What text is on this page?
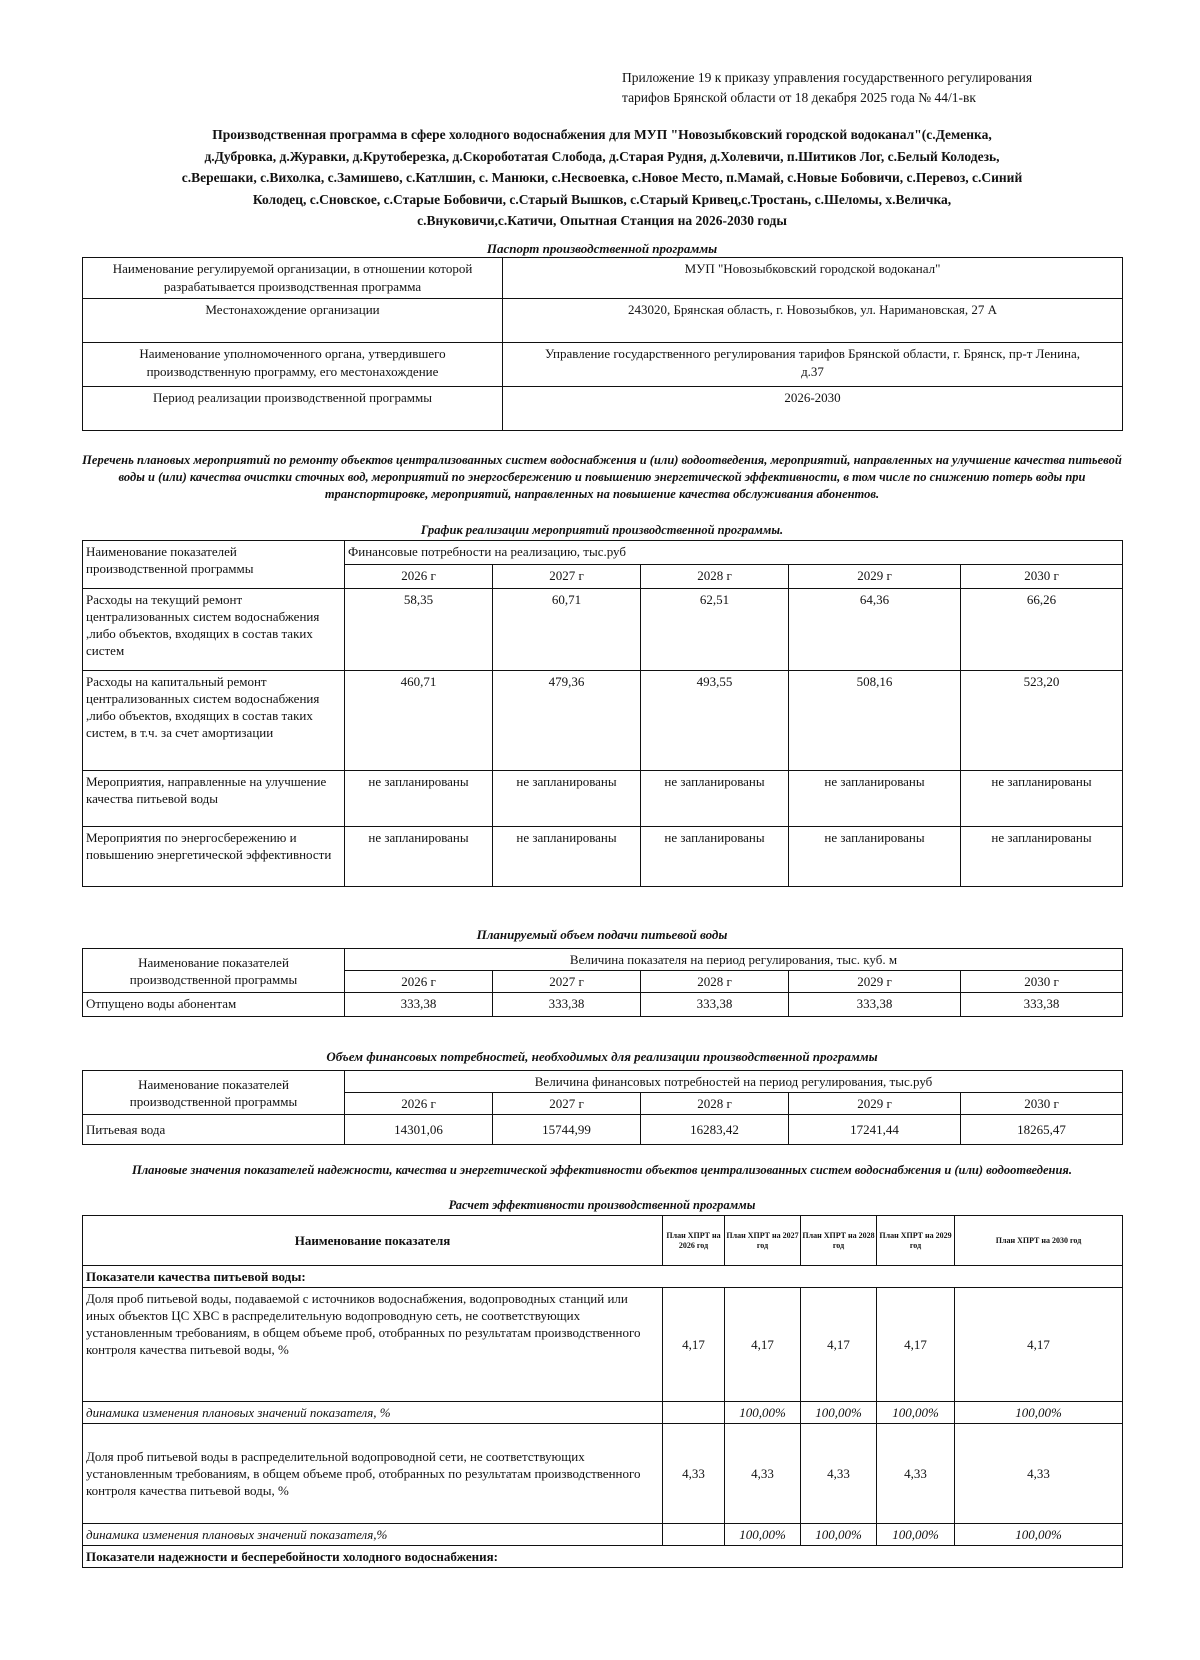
Приложение 19 к приказу управления государственного регулирования
тарифов Брянской области от 18 декабря 2025 года № 44/1-вк
Производственная программа в сфере холодного водоснабжения для МУП "Новозыбковский городской водоканал"(с.Деменка,
д.Дубровка, д.Журавки, д.Крутоберезка, д.Скороботатая Слобода, д.Старая Рудня, д.Холевичи, п.Шитиков Лог, с.Белый Колодезь,
с.Верешаки, с.Вихолка, с.Замишево, с.Катлшин, с. Манюки, с.Несвоевка, с.Новое Место, п.Мамай, с.Новые Бобовичи, с.Перевоз, с.Синий
Колодец, с.Сновское, с.Старые Бобовичи, с.Старый Вышков, с.Старый Кривец,с.Тростань, с.Шеломы, х.Величка,
с.Внуковичи,с.Катичи, Опытная Станция на 2026-2030 годы
Паспорт производственной программы
Наименование регулируемой организации, в отношении которой разрабатывается производственная программа	МУП "Новозыбковский городской водоканал"
Местонахождение организации	243020, Брянская область, г. Новозыбков, ул. Наримановская, 27 А
Наименование уполномоченного органа, утвердившего производственную программу, его местонахождение	Управление государственного регулирования тарифов Брянской области, г. Брянск, пр-т Ленина, д.37
Период реализации производственной программы	2026-2030
Перечень плановых мероприятий по ремонту объектов централизованных систем водоснабжения и (или) водоотведения, мероприятий, направленных на улучшение качества питьевой воды и (или) качества очистки сточных вод, мероприятий по энергосбережению и повышению энергетической эффективности, в том числе по снижению потерь воды при транспортировке, мероприятий, направленных на повышение качества обслуживания абонентов.
График реализации мероприятий производственной программы.
Наименование показателей производственной программы	Финансовые потребности на реализацию, тыс.руб				
	2026 г	2027 г	2028 г	2029 г	2030 г
Расходы на текущий ремонт централизованных систем водоснабжения ,либо объектов, входящих в состав таких систем	58,35	60,71	62,51	64,36	66,26
Расходы на капитальный ремонт централизованных систем водоснабжения ,либо объектов, входящих в состав таких систем, в т.ч. за счет амортизации	460,71	479,36	493,55	508,16	523,20
Мероприятия, направленные на улучшение качества питьевой воды	не запланированы	не запланированы	не запланированы	не запланированы	не запланированы
Мероприятия по энергосбережению и повышению энергетической эффективности	не запланированы	не запланированы	не запланированы	не запланированы	не запланированы
Планируемый объем подачи питьевой воды
Наименование показателей производственной программы	Величина показателя на период регулирования, тыс. куб. м				
	2026 г	2027 г	2028 г	2029 г	2030 г
Отпущено воды абонентам	333,38	333,38	333,38	333,38	333,38
Объем финансовых потребностей, необходимых для реализации производственной программы
Наименование показателей производственной программы	Величина финансовых потребностей на период регулирования, тыс.руб				
	2026 г	2027 г	2028 г	2029 г	2030 г
Питьевая вода	14301,06	15744,99	16283,42	17241,44	18265,47
Плановые значения показателей надежности, качества и энергетической эффективности объектов централизованных систем водоснабжения и (или) водоотведения.
Расчет эффективности производственной программы
Наименование показателя	План ХПРТ на 2026 год	План ХПРТ на 2027 год	План ХПРТ на 2028 год	План ХПРТ на 2029 год	План ХПРТ на 2030 год
Показатели качества питьевой воды:					
Доля проб питьевой воды, подаваемой с источников водоснабжения, водопроводных станций или иных объектов ЦС ХВС в распределительную водопроводную сеть, не соответствующих установленным требованиям, в общем объеме проб, отобранных по результатам производственного контроля качества питьевой воды, %	4,17	4,17	4,17	4,17	4,17
динамика изменения плановых значений показателя, %		100,00%	100,00%	100,00%	100,00%
Доля проб питьевой воды в распределительной водопроводной сети, не соответствующих установленным требованиям, в общем объеме проб, отобранных по результатам производственного контроля качества питьевой воды, %	4,33	4,33	4,33	4,33	4,33
динамика изменения плановых значений показателя,%		100,00%	100,00%	100,00%	100,00%
Показатели надежности и бесперебойности холодного водоснабжения:					
